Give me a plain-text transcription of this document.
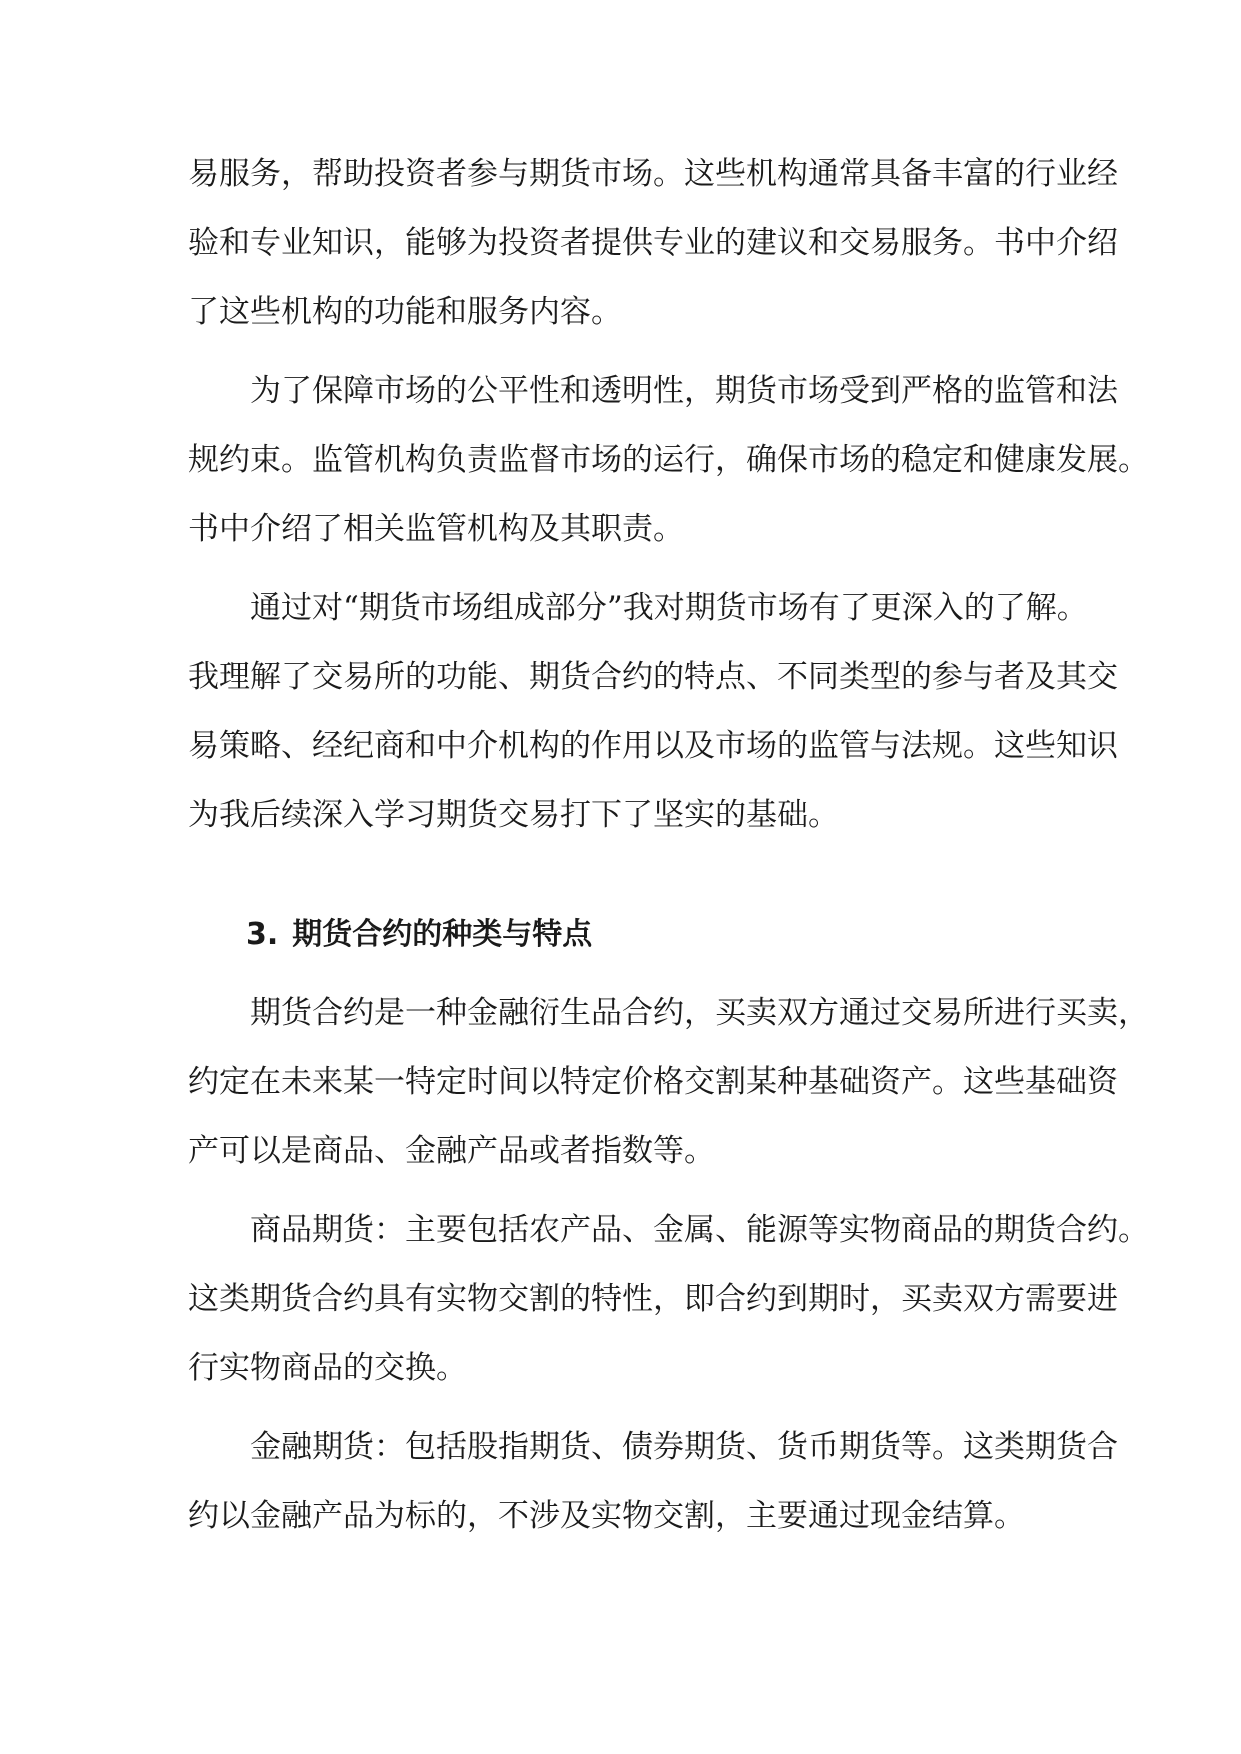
易服务，帮助投资者参与期货市场。这些机构通常具备丰富的行业经
验和专业知识，能够为投资者提供专业的建议和交易服务。书中介绍
了这些机构的功能和服务内容。
为了保障市场的公平性和透明性，期货市场受到严格的监管和法
规约束。监管机构负责监督市场的运行，确保市场的稳定和健康发展。
书中介绍了相关监管机构及其职责。
通过对“期货市场组成部分”我对期货市场有了更深入的了解。
我理解了交易所的功能、期货合约的特点、不同类型的参与者及其交
易策略、经纪商和中介机构的作用以及市场的监管与法规。这些知识
为我后续深入学习期货交易打下了坚实的基础。
3. 期货合约的种类与特点
期货合约是一种金融衍生品合约，买卖双方通过交易所进行买卖，
约定在未来某一特定时间以特定价格交割某种基础资产。这些基础资
产可以是商品、金融产品或者指数等。
商品期货：主要包括农产品、金属、能源等实物商品的期货合约。
这类期货合约具有实物交割的特性，即合约到期时，买卖双方需要进
行实物商品的交换。
金融期货：包括股指期货、债券期货、货币期货等。这类期货合
约以金融产品为标的，不涉及实物交割，主要通过现金结算。
